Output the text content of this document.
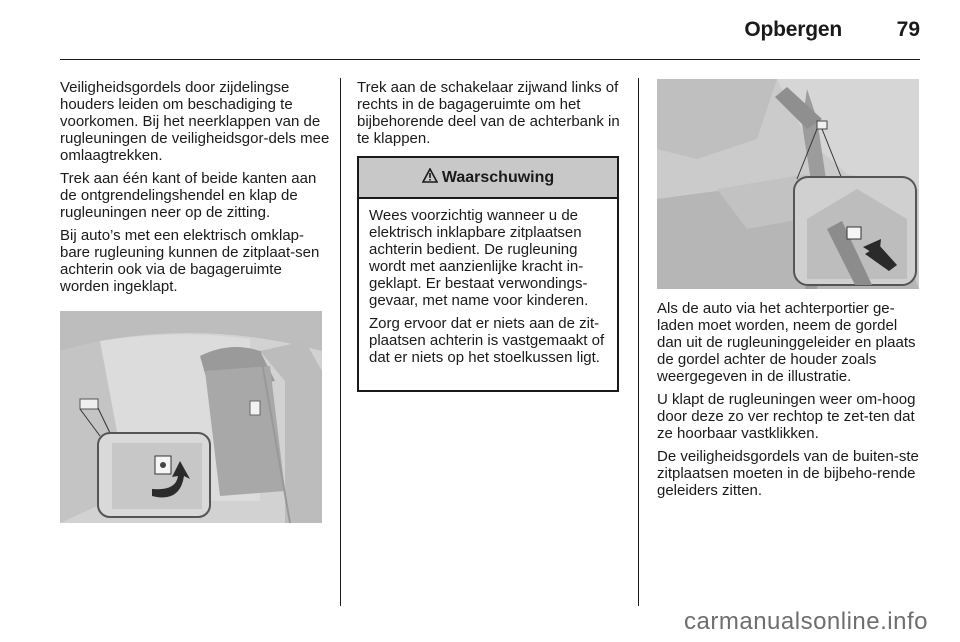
Opbergen	79

Veiligheidsgordels door zijdelingse houders leiden om beschadiging te voorkomen. Bij het neerklappen van de rugleuningen de veiligheidsgor-dels mee omlaagtrekken.

Trek aan één kant of beide kanten aan de ontgrendelingshendel en klap de rugleuningen neer op de zitting.

Bij auto’s met een elektrisch omklap-bare rugleuning kunnen de zitplaat-sen achterin ook via de bagageruimte worden ingeklapt.

Trek aan de schakelaar zijwand links of rechts in de bagageruimte om het bijbehorende deel van de achterbank in te klappen.

Waarschuwing

Wees voorzichtig wanneer u de elektrisch inklapbare zitplaatsen achterin bedient. De rugleuning wordt met aanzienlijke kracht in-geklapt. Er bestaat verwondings-gevaar, met name voor kinderen.

Zorg ervoor dat er niets aan de zit-plaatsen achterin is vastgemaakt of dat er niets op het stoelkussen ligt.

Als de auto via het achterportier ge-laden moet worden, neem de gordel dan uit de rugleuninggeleider en plaats de gordel achter de houder zoals weergegeven in de illustratie.

U klapt de rugleuningen weer om-hoog door deze zo ver rechtop te zet-ten dat ze hoorbaar vastklikken.

De veiligheidsgordels van de buiten-ste zitplaatsen moeten in de bijbeho-rende geleiders zitten.

carmanualsonline.info
